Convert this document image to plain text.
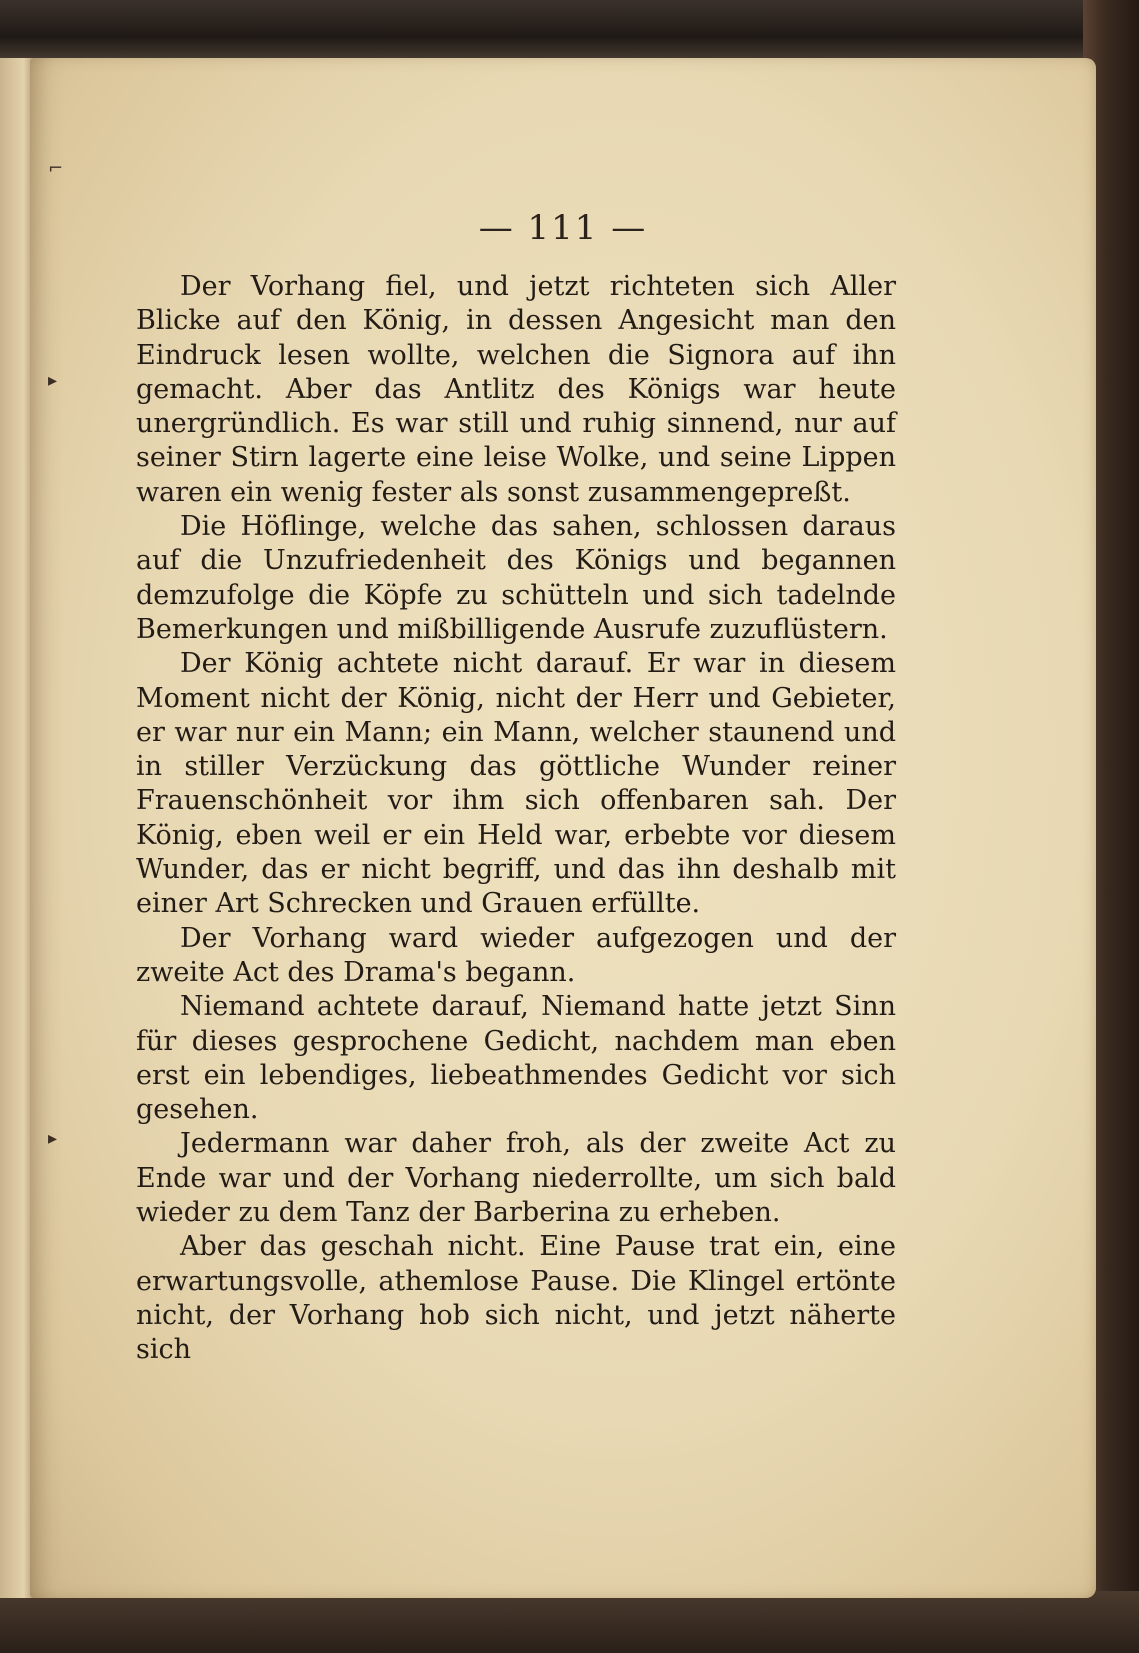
⌐
▸
▸
— 111 —

Der Vorhang fiel, und jetzt richteten sich Aller Blicke auf den König, in dessen Angesicht man den Eindruck lesen wollte, welchen die Signora auf ihn gemacht. Aber das Antlitz des Königs war heute unergründlich. Es war still und ruhig sinnend, nur auf seiner Stirn lagerte eine leise Wolke, und seine Lippen waren ein wenig fester als sonst zusammengepreßt.

Die Höflinge, welche das sahen, schlossen daraus auf die Unzufriedenheit des Königs und begannen demzufolge die Köpfe zu schütteln und sich tadelnde Bemerkungen und mißbilligende Ausrufe zuzuflüstern.

Der König achtete nicht darauf. Er war in diesem Moment nicht der König, nicht der Herr und Gebieter, er war nur ein Mann; ein Mann, welcher staunend und in stiller Verzückung das göttliche Wunder reiner Frauenschönheit vor ihm sich offenbaren sah. Der König, eben weil er ein Held war, erbebte vor diesem Wunder, das er nicht begriff, und das ihn deshalb mit einer Art Schrecken und Grauen erfüllte.

Der Vorhang ward wieder aufgezogen und der zweite Act des Drama's begann.

Niemand achtete darauf, Niemand hatte jetzt Sinn für dieses gesprochene Gedicht, nachdem man eben erst ein lebendiges, liebeathmendes Gedicht vor sich gesehen.

Jedermann war daher froh, als der zweite Act zu Ende war und der Vorhang niederrollte, um sich bald wieder zu dem Tanz der Barberina zu erheben.

Aber das geschah nicht. Eine Pause trat ein, eine erwartungsvolle, athemlose Pause. Die Klingel ertönte nicht, der Vorhang hob sich nicht, und jetzt näherte sich
